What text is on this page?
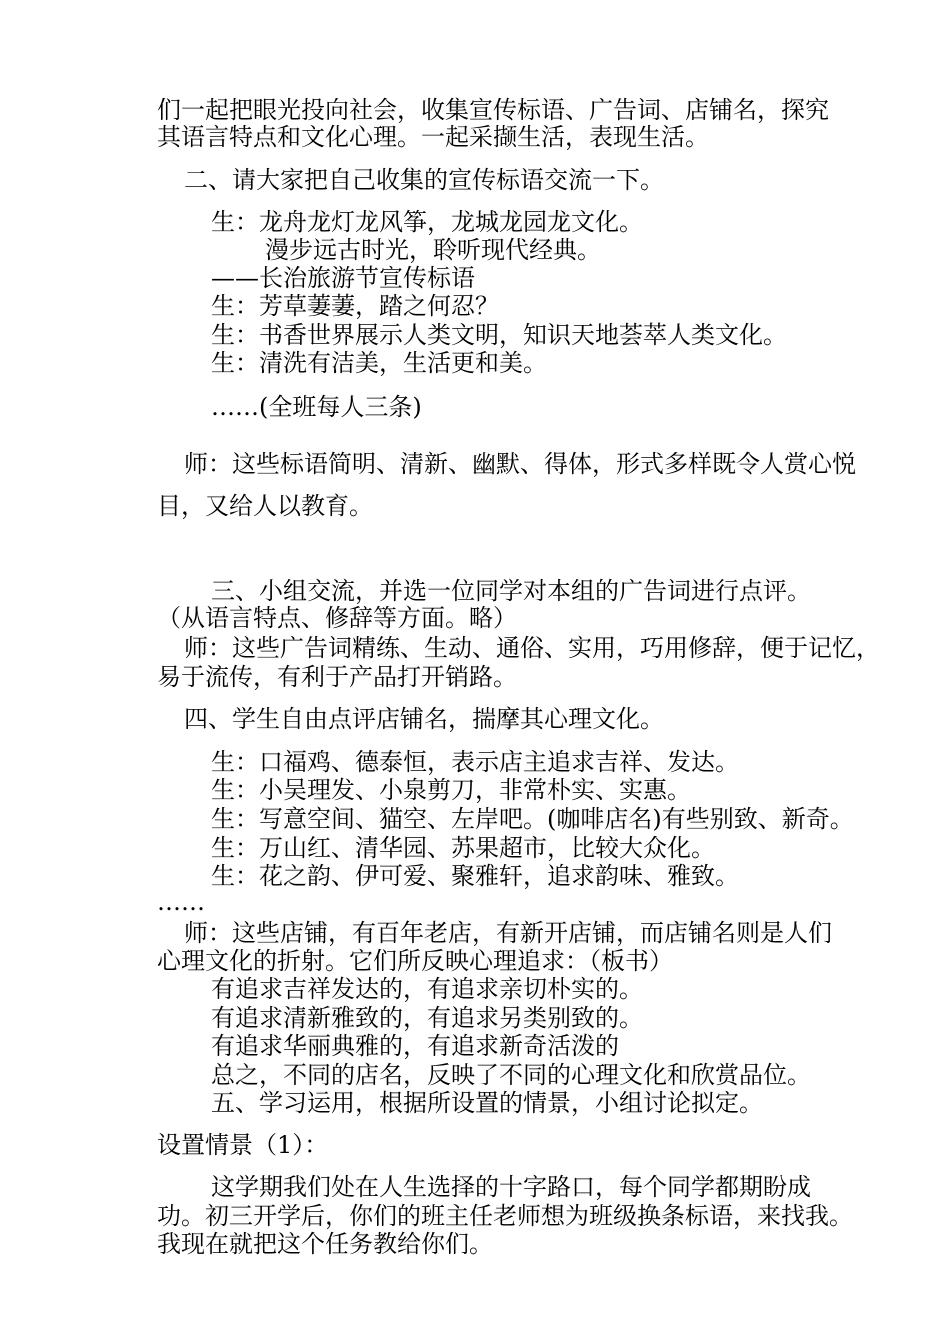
们一起把眼光投向社会，收集宣传标语、广告词、店铺名，探究
其语言特点和文化心理。一起采撷生活，表现生活。
二、请大家把自己收集的宣传标语交流一下。
生：龙舟龙灯龙风筝，龙城龙园龙文化。
漫步远古时光，聆听现代经典。
——长治旅游节宣传标语
生：芳草萋萋，踏之何忍？
生：书香世界展示人类文明，知识天地荟萃人类文化。
生：清洗有洁美，生活更和美。
……(全班每人三条)
师：这些标语简明、清新、幽默、得体，形式多样既令人赏心悦
目，又给人以教育。
三、小组交流，并选一位同学对本组的广告词进行点评。
（从语言特点、修辞等方面。略）
师：这些广告词精练、生动、通俗、实用，巧用修辞，便于记忆，
易于流传，有利于产品打开销路。
四、学生自由点评店铺名，揣摩其心理文化。
生：口福鸡、德泰恒，表示店主追求吉祥、发达。
生：小吴理发、小泉剪刀，非常朴实、实惠。
生：写意空间、猫空、左岸吧。(咖啡店名)有些别致、新奇。
生：万山红、清华园、苏果超市，比较大众化。
生：花之韵、伊可爱、聚雅轩，追求韵味、雅致。
……
师：这些店铺，有百年老店，有新开店铺，而店铺名则是人们
心理文化的折射。它们所反映心理追求：（板书）
有追求吉祥发达的，有追求亲切朴实的。
有追求清新雅致的，有追求另类别致的。
有追求华丽典雅的，有追求新奇活泼的
总之，不同的店名，反映了不同的心理文化和欣赏品位。
五、学习运用，根据所设置的情景，小组讨论拟定。
设置情景（1）：
这学期我们处在人生选择的十字路口，每个同学都期盼成
功。初三开学后，你们的班主任老师想为班级换条标语，来找我。
我现在就把这个任务教给你们。
